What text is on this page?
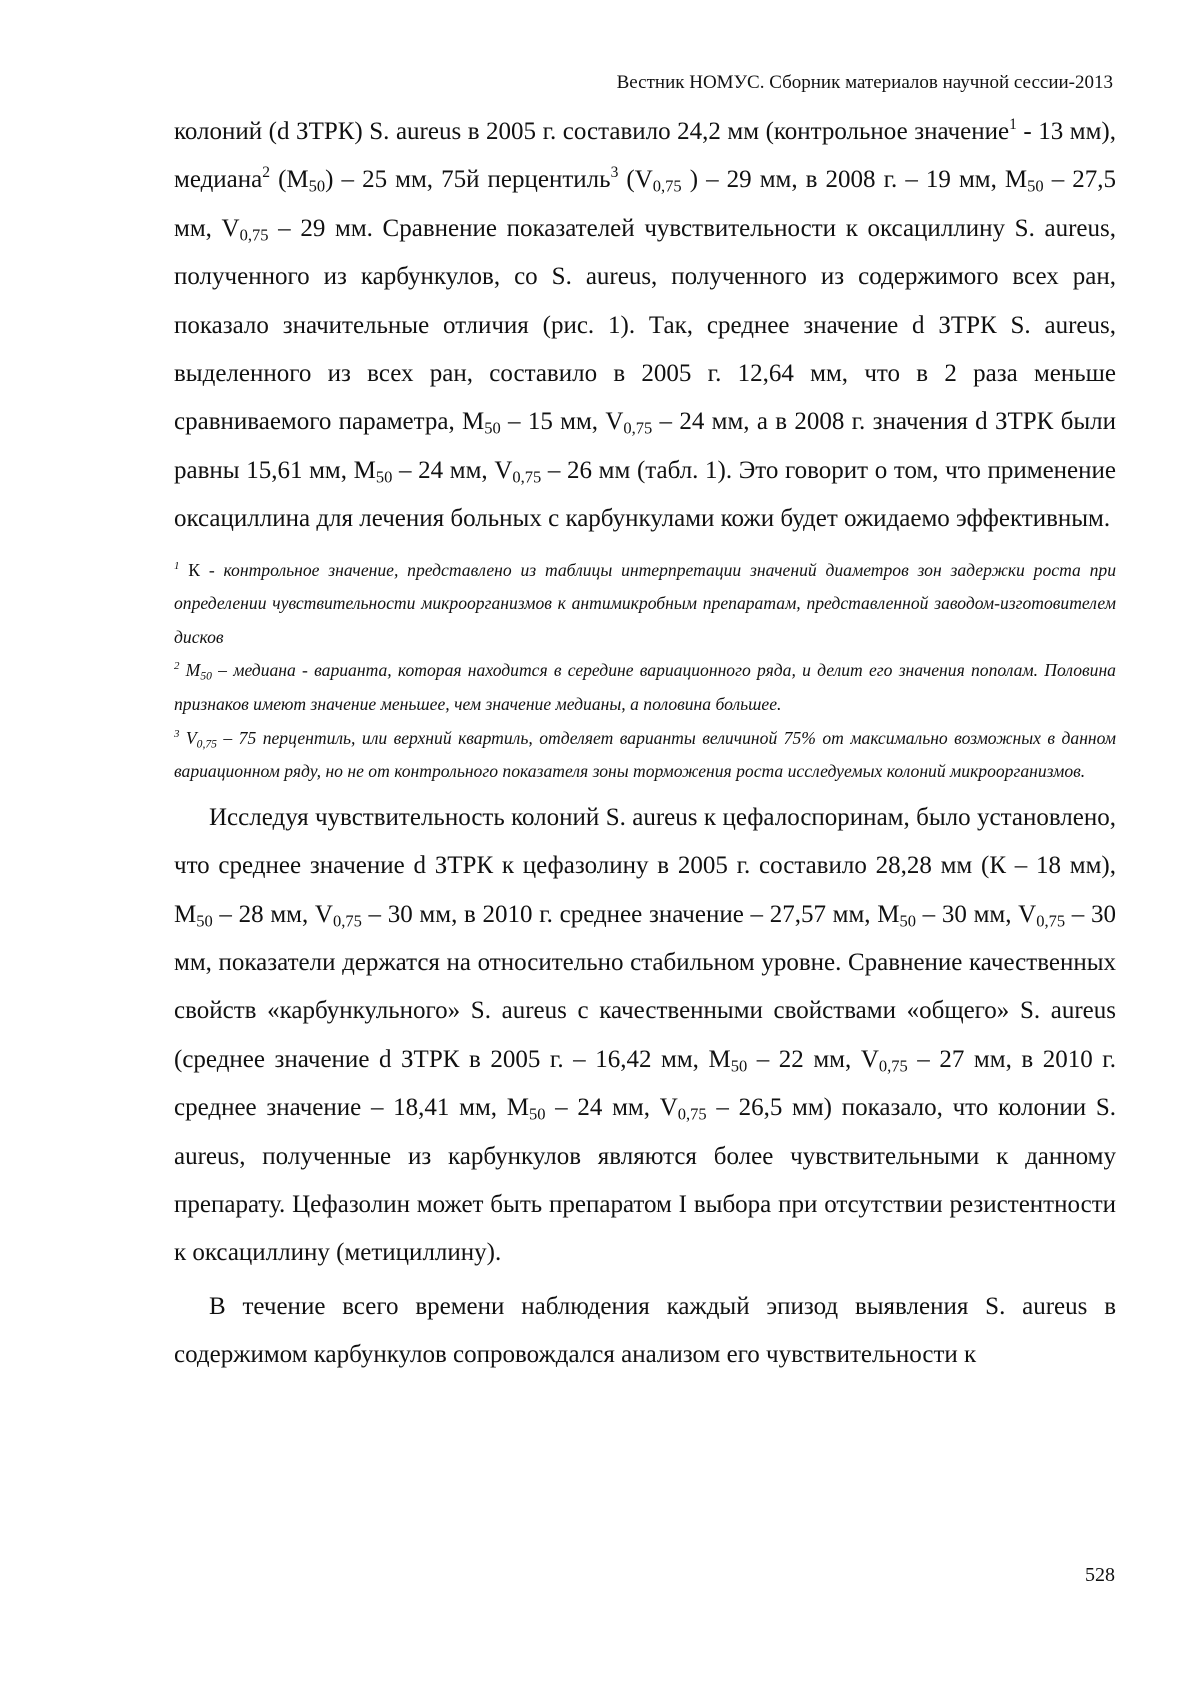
Вестник НОМУС. Сборник материалов научной сессии-2013

колоний (d ЗТРК) S. aureus в 2005 г. составило 24,2 мм (контрольное значение$^1$ - 13 мм), медиана$^2$ $(M_{50}) - 25$ мм, 75й перцентиль$^3$ ($V_{0,75}$ ) – 29 мм, в 2008 г. – 19 мм, $M_{50} - 27,5$ мм, $V_{0,75} - 29$ мм. Сравнение показателей чувствительности к оксациллину S. aureus, полученного из карбункулов, со S. aureus, полученного из содержимого всех ран, показало значительные отличия (рис. 1). Так, среднее значение d ЗТРК S. aureus, выделенного из всех ран, составило в 2005 г. 12,64 мм, что в 2 раза меньше сравниваемого параметра, $M_{50} - 15$ мм, $V_{0,75} - 24$ мм, а в 2008 г. значения d ЗТРК были равны 15,61 мм, $M_{50} - 24$ мм, $V_{0,75} - 26$ мм (табл. 1). Это говорит о том, что применение оксациллина для лечения больных с карбункулами кожи будет ожидаемо эффективным.

$^1$ К - контрольное значение, представлено из таблицы интерпретации значений диаметров зон задержки роста при определении чувствительности микроорганизмов к антимикробным препаратам, представленной заводом-изготовителем дисков

$^2$ $M_{50}$ – медиана - варианта, которая находится в середине вариационного ряда, и делит его значения пополам. Половина признаков имеют значение меньшее, чем значение медианы, а половина большее.

$^3$ $V_{0,75} - 75$ перцентиль, или верхний квартиль, отделяет варианты величиной 75% от максимально возможных в данном вариационном ряду, но не от контрольного показателя зоны торможения роста исследуемых колоний микроорганизмов.

Исследуя чувствительность колоний S. aureus к цефалоспоринам, было установлено, что среднее значение d ЗТРК к цефазолину в 2005 г. составило 28,28 мм (К – 18 мм), $M_{50} - 28$ мм, $V_{0,75} - 30$ мм, в 2010 г. среднее значение – 27,57 мм, $M_{50} - 30$ мм, $V_{0,75} - 30$ мм, показатели держатся на относительно стабильном уровне. Сравнение качественных свойств «карбункульного» S. aureus с качественными свойствами «общего» S. aureus (среднее значение d ЗТРК в 2005 г. – 16,42 мм, $M_{50} - 22$ мм, $V_{0,75} - 27$ мм, в 2010 г. среднее значение – 18,41 мм, $M_{50} - 24$ мм, $V_{0,75} - 26,5$ мм) показало, что колонии S. aureus, полученные из карбункулов являются более чувствительными к данному препарату. Цефазолин может быть препаратом I выбора при отсутствии резистентности к оксациллину (метициллину).

В течение всего времени наблюдения каждый эпизод выявления S. aureus в содержимом карбункулов сопровождался анализом его чувствительности к

528
